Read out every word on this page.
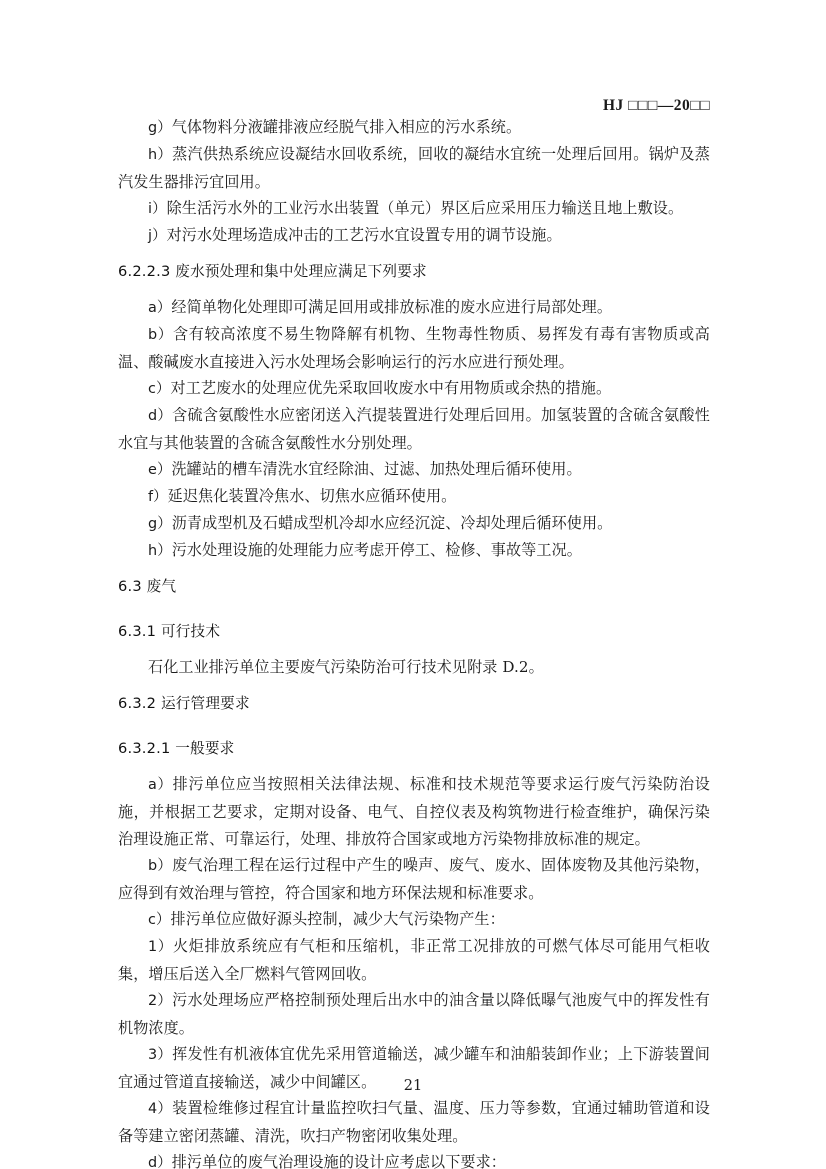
HJ □□□—20□□
g）气体物料分液罐排液应经脱气排入相应的污水系统。
h）蒸汽供热系统应设凝结水回收系统，回收的凝结水宜统一处理后回用。锅炉及蒸汽发生器排污宜回用。
i）除生活污水外的工业污水出装置（单元）界区后应采用压力输送且地上敷设。
j）对污水处理场造成冲击的工艺污水宜设置专用的调节设施。
6.2.2.3 废水预处理和集中处理应满足下列要求
a）经简单物化处理即可满足回用或排放标准的废水应进行局部处理。
b）含有较高浓度不易生物降解有机物、生物毒性物质、易挥发有毒有害物质或高温、酸碱废水直接进入污水处理场会影响运行的污水应进行预处理。
c）对工艺废水的处理应优先采取回收废水中有用物质或余热的措施。
d）含硫含氨酸性水应密闭送入汽提装置进行处理后回用。加氢装置的含硫含氨酸性水宜与其他装置的含硫含氨酸性水分别处理。
e）洗罐站的槽车清洗水宜经除油、过滤、加热处理后循环使用。
f）延迟焦化装置冷焦水、切焦水应循环使用。
g）沥青成型机及石蜡成型机冷却水应经沉淀、冷却处理后循环使用。
h）污水处理设施的处理能力应考虑开停工、检修、事故等工况。
6.3 废气
6.3.1 可行技术
石化工业排污单位主要废气污染防治可行技术见附录 D.2。
6.3.2 运行管理要求
6.3.2.1 一般要求
a）排污单位应当按照相关法律法规、标准和技术规范等要求运行废气污染防治设施，并根据工艺要求，定期对设备、电气、自控仪表及构筑物进行检查维护，确保污染治理设施正常、可靠运行，处理、排放符合国家或地方污染物排放标准的规定。
b）废气治理工程在运行过程中产生的噪声、废气、废水、固体废物及其他污染物，应得到有效治理与管控，符合国家和地方环保法规和标准要求。
c）排污单位应做好源头控制，减少大气污染物产生：
1）火炬排放系统应有气柜和压缩机，非正常工况排放的可燃气体尽可能用气柜收集，增压后送入全厂燃料气管网回收。
2）污水处理场应严格控制预处理后出水中的油含量以降低曝气池废气中的挥发性有机物浓度。
3）挥发性有机液体宜优先采用管道输送，减少罐车和油船装卸作业；上下游装置间宜通过管道直接输送，减少中间罐区。
4）装置检维修过程宜计量监控吹扫气量、温度、压力等参数，宜通过辅助管道和设备等建立密闭蒸罐、清洗，吹扫产物密闭收集处理。
d）排污单位的废气治理设施的设计应考虑以下要求：
21
